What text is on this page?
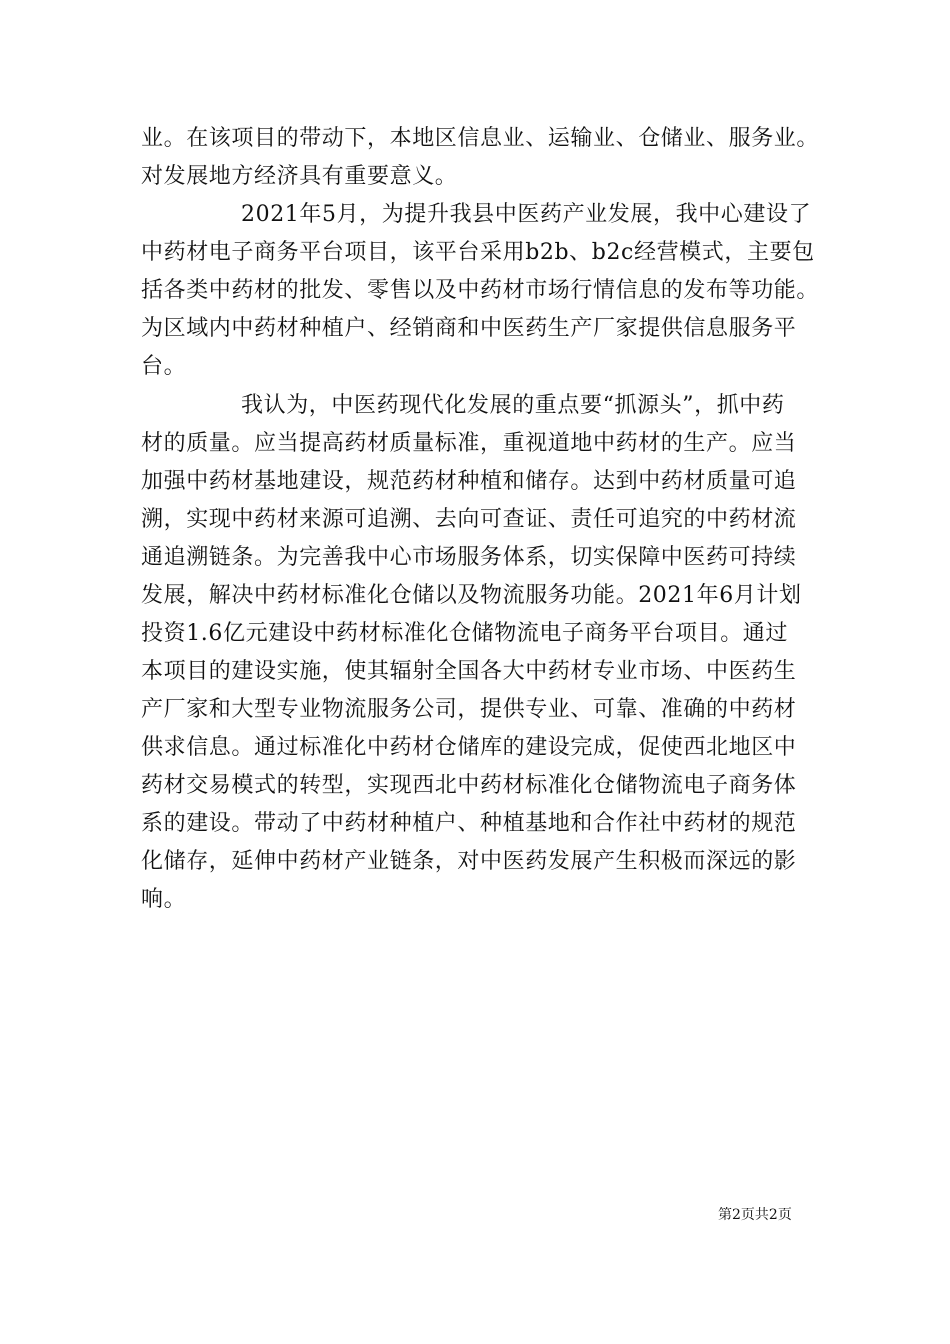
业。在该项目的带动下，本地区信息业、运输业、仓储业、服务业。
对发展地方经济具有重要意义。
2021年5月，为提升我县中医药产业发展，我中心建设了
中药材电子商务平台项目，该平台采用b2b、b2c经营模式，主要包
括各类中药材的批发、零售以及中药材市场行情信息的发布等功能。
为区域内中药材种植户、经销商和中医药生产厂家提供信息服务平
台。
我认为，中医药现代化发展的重点要“抓源头”，抓中药
材的质量。应当提高药材质量标准，重视道地中药材的生产。应当
加强中药材基地建设，规范药材种植和储存。达到中药材质量可追
溯，实现中药材来源可追溯、去向可查证、责任可追究的中药材流
通追溯链条。为完善我中心市场服务体系，切实保障中医药可持续
发展，解决中药材标准化仓储以及物流服务功能。2021年6月计划
投资1.6亿元建设中药材标准化仓储物流电子商务平台项目。通过
本项目的建设实施，使其辐射全国各大中药材专业市场、中医药生
产厂家和大型专业物流服务公司，提供专业、可靠、准确的中药材
供求信息。通过标准化中药材仓储库的建设完成，促使西北地区中
药材交易模式的转型，实现西北中药材标准化仓储物流电子商务体
系的建设。带动了中药材种植户、种植基地和合作社中药材的规范
化储存，延伸中药材产业链条，对中医药发展产生积极而深远的影
响。
第2页共2页
